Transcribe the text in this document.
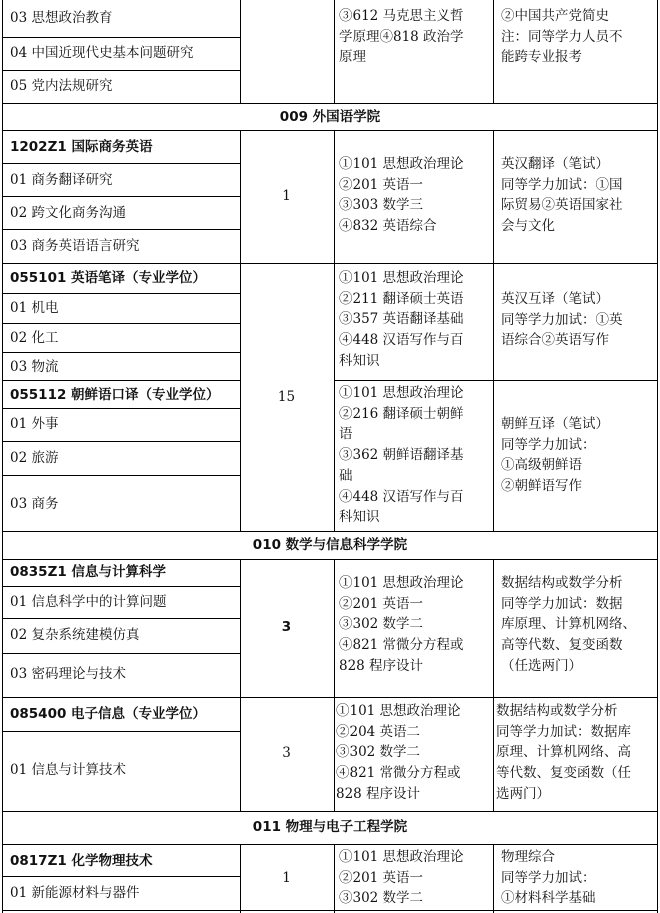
03 思想政治教育
04 中国近现代史基本问题研究
05 党内法规研究
③612 马克思主义哲
学原理④818 政治学
原理
②中国共产党简史
注：同等学力人员不
能跨专业报考
009 外国语学院
1202Z1 国际商务英语
01 商务翻译研究
02 跨文化商务沟通
03 商务英语语言研究
1
①101 思想政治理论
②201 英语一
③303 数学三
④832 英语综合
英汉翻译（笔试）
同等学力加试：①国
际贸易②英语国家社
会与文化
055101 英语笔译（专业学位）
01 机电
02 化工
03 物流
①101 思想政治理论
②211 翻译硕士英语
③357 英语翻译基础
④448 汉语写作与百
科知识
英汉互译（笔试）
同等学力加试：①英
语综合②英语写作
15
055112 朝鲜语口译（专业学位）
01 外事
02 旅游
03 商务
①101 思想政治理论
②216 翻译硕士朝鲜
语
③362 朝鲜语翻译基
础
④448 汉语写作与百
科知识
朝鲜互译（笔试）
同等学力加试：
①高级朝鲜语
②朝鲜语写作
010 数学与信息科学学院
0835Z1 信息与计算科学
01 信息科学中的计算问题
02 复杂系统建模仿真
03 密码理论与技术
3
①101 思想政治理论
②201 英语一
③302 数学二
④821 常微分方程或
828 程序设计
数据结构或数学分析
同等学力加试：数据
库原理、计算机网络、
高等代数、复变函数
（任选两门）
085400 电子信息（专业学位）
01 信息与计算技术
3
①101 思想政治理论
②204 英语二
③302 数学二
④821 常微分方程或
828 程序设计
数据结构或数学分析
同等学力加试：数据库
原理、计算机网络、高
等代数、复变函数（任
选两门）
011 物理与电子工程学院
0817Z1 化学物理技术
01 新能源材料与器件
1
①101 思想政治理论
②201 英语一
③302 数学二
物理综合
同等学力加试：
①材料科学基础
